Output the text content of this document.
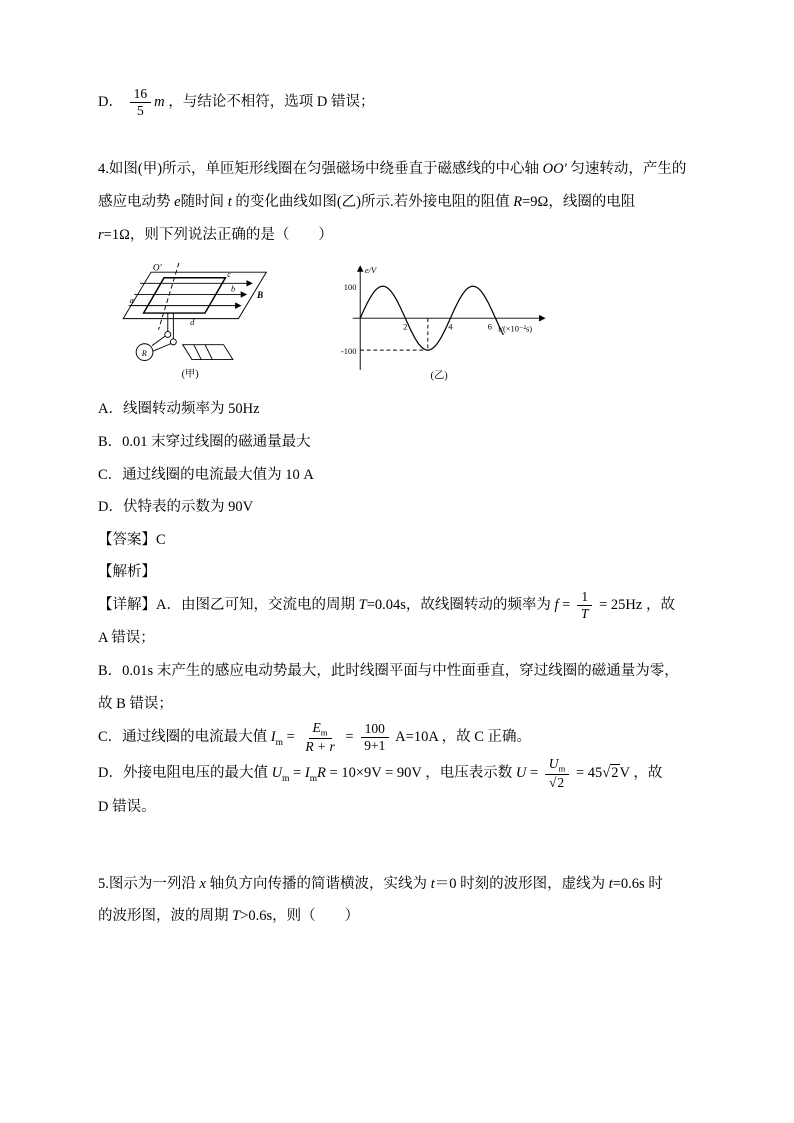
D． $\frac{16}{5}$ m ，与结论不相符，选项 D 错误；

4.如图(甲)所示，单匝矩形线圈在匀强磁场中绕垂直于磁感线的中心轴 OO′ 匀速转动，产生的
感应电动势 e随时间 t 的变化曲线如图(乙)所示.若外接电阻的阻值 R=9Ω，线圈的电阻
r=1Ω，则下列说法正确的是（　　）
O′
B
c
b
a
d
R
(甲)
e/V
100
-100
2	4	6 t/(×10⁻²s)
(乙)
A．线圈转动频率为 50Hz
B．0.01 末穿过线圈的磁通量最大
C．通过线圈的电流最大值为 10 A
D．伏特表的示数为 90V

【答案】C

【解析】

【详解】A．由图乙可知，交流电的周期 T=0.04s，故线圈转动的频率为 $f = \frac{1}{T} = 25Hz$ ，故
A 错误；
B．0.01s 末产生的感应电动势最大，此时线圈平面与中性面垂直，穿过线圈的磁通量为零，
故 B 错误；
C．通过线圈的电流最大值 $I_m = \frac{E_m}{R + r} = \frac{100}{9+1} A=10A$ ，故 C 正确。
D．外接电阻电压的最大值 $U_m = I_mR = 10\times 9V = 90V$ ，电压表示数 $U = \frac{U_m}{√2} = 45√2V$ ，故
D 错误。
5.图示为一列沿 x 轴负方向传播的简谐横波，实线为 t＝0 时刻的波形图，虚线为 t=0.6s 时
的波形图，波的周期 T>0.6s，则（　　）
